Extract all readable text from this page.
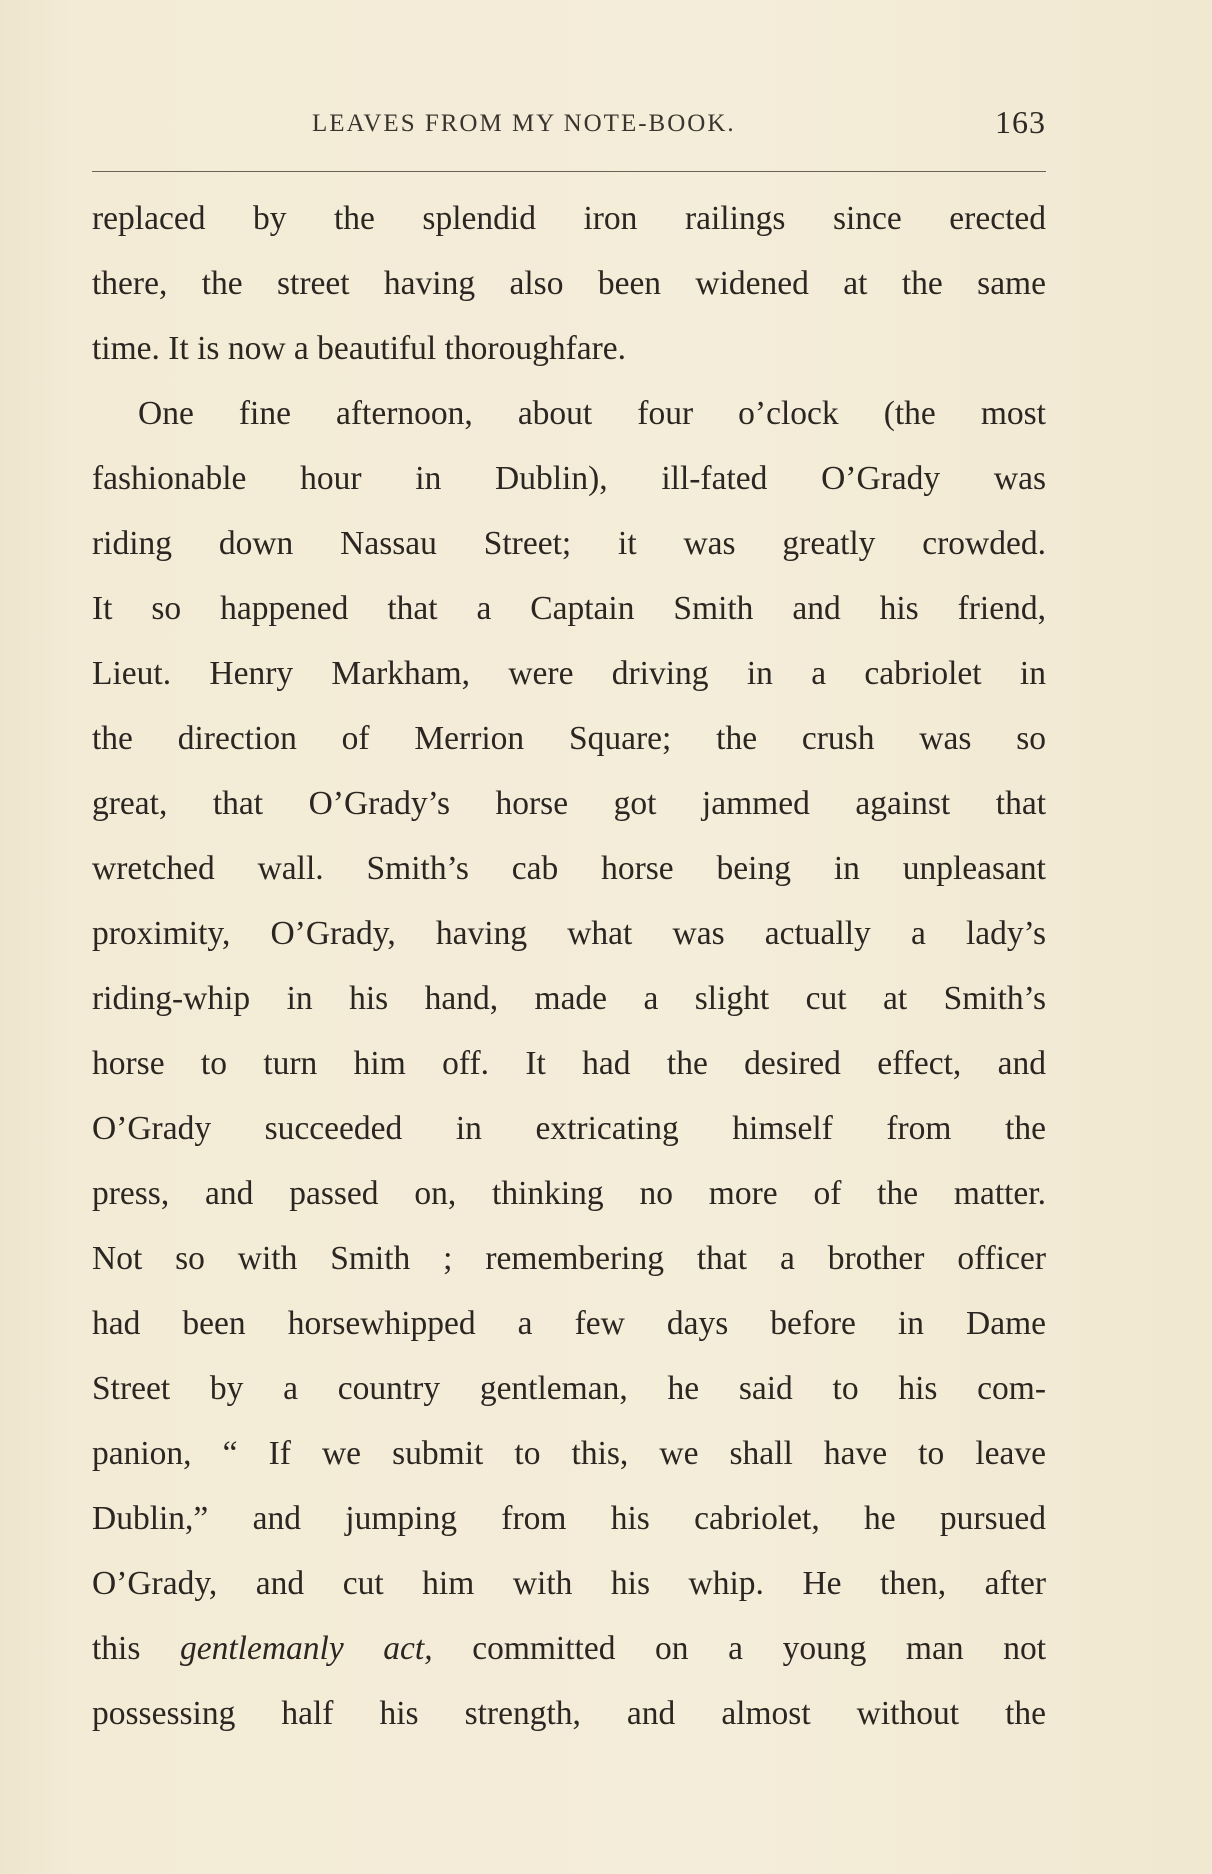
LEAVES FROM MY NOTE-BOOK.	163
replaced by the splendid iron railings since erected
there, the street having also been widened at the same
time. It is now a beautiful thoroughfare.
One fine afternoon, about four o’clock (the most
fashionable hour in Dublin), ill-fated O’Grady was
riding down Nassau Street; it was greatly crowded.
It so happened that a Captain Smith and his friend,
Lieut. Henry Markham, were driving in a cabriolet in
the direction of Merrion Square; the crush was so
great, that O’Grady’s horse got jammed against that
wretched wall. Smith’s cab horse being in unpleasant
proximity, O’Grady, having what was actually a lady’s
riding-whip in his hand, made a slight cut at Smith’s
horse to turn him off. It had the desired effect, and
O’Grady succeeded in extricating himself from the
press, and passed on, thinking no more of the matter.
Not so with Smith ; remembering that a brother officer
had been horsewhipped a few days before in Dame
Street by a country gentleman, he said to his com-
panion, “ If we submit to this, we shall have to leave
Dublin,” and jumping from his cabriolet, he pursued
O’Grady, and cut him with his whip. He then, after
this gentlemanly act, committed on a young man not
possessing half his strength, and almost without the
